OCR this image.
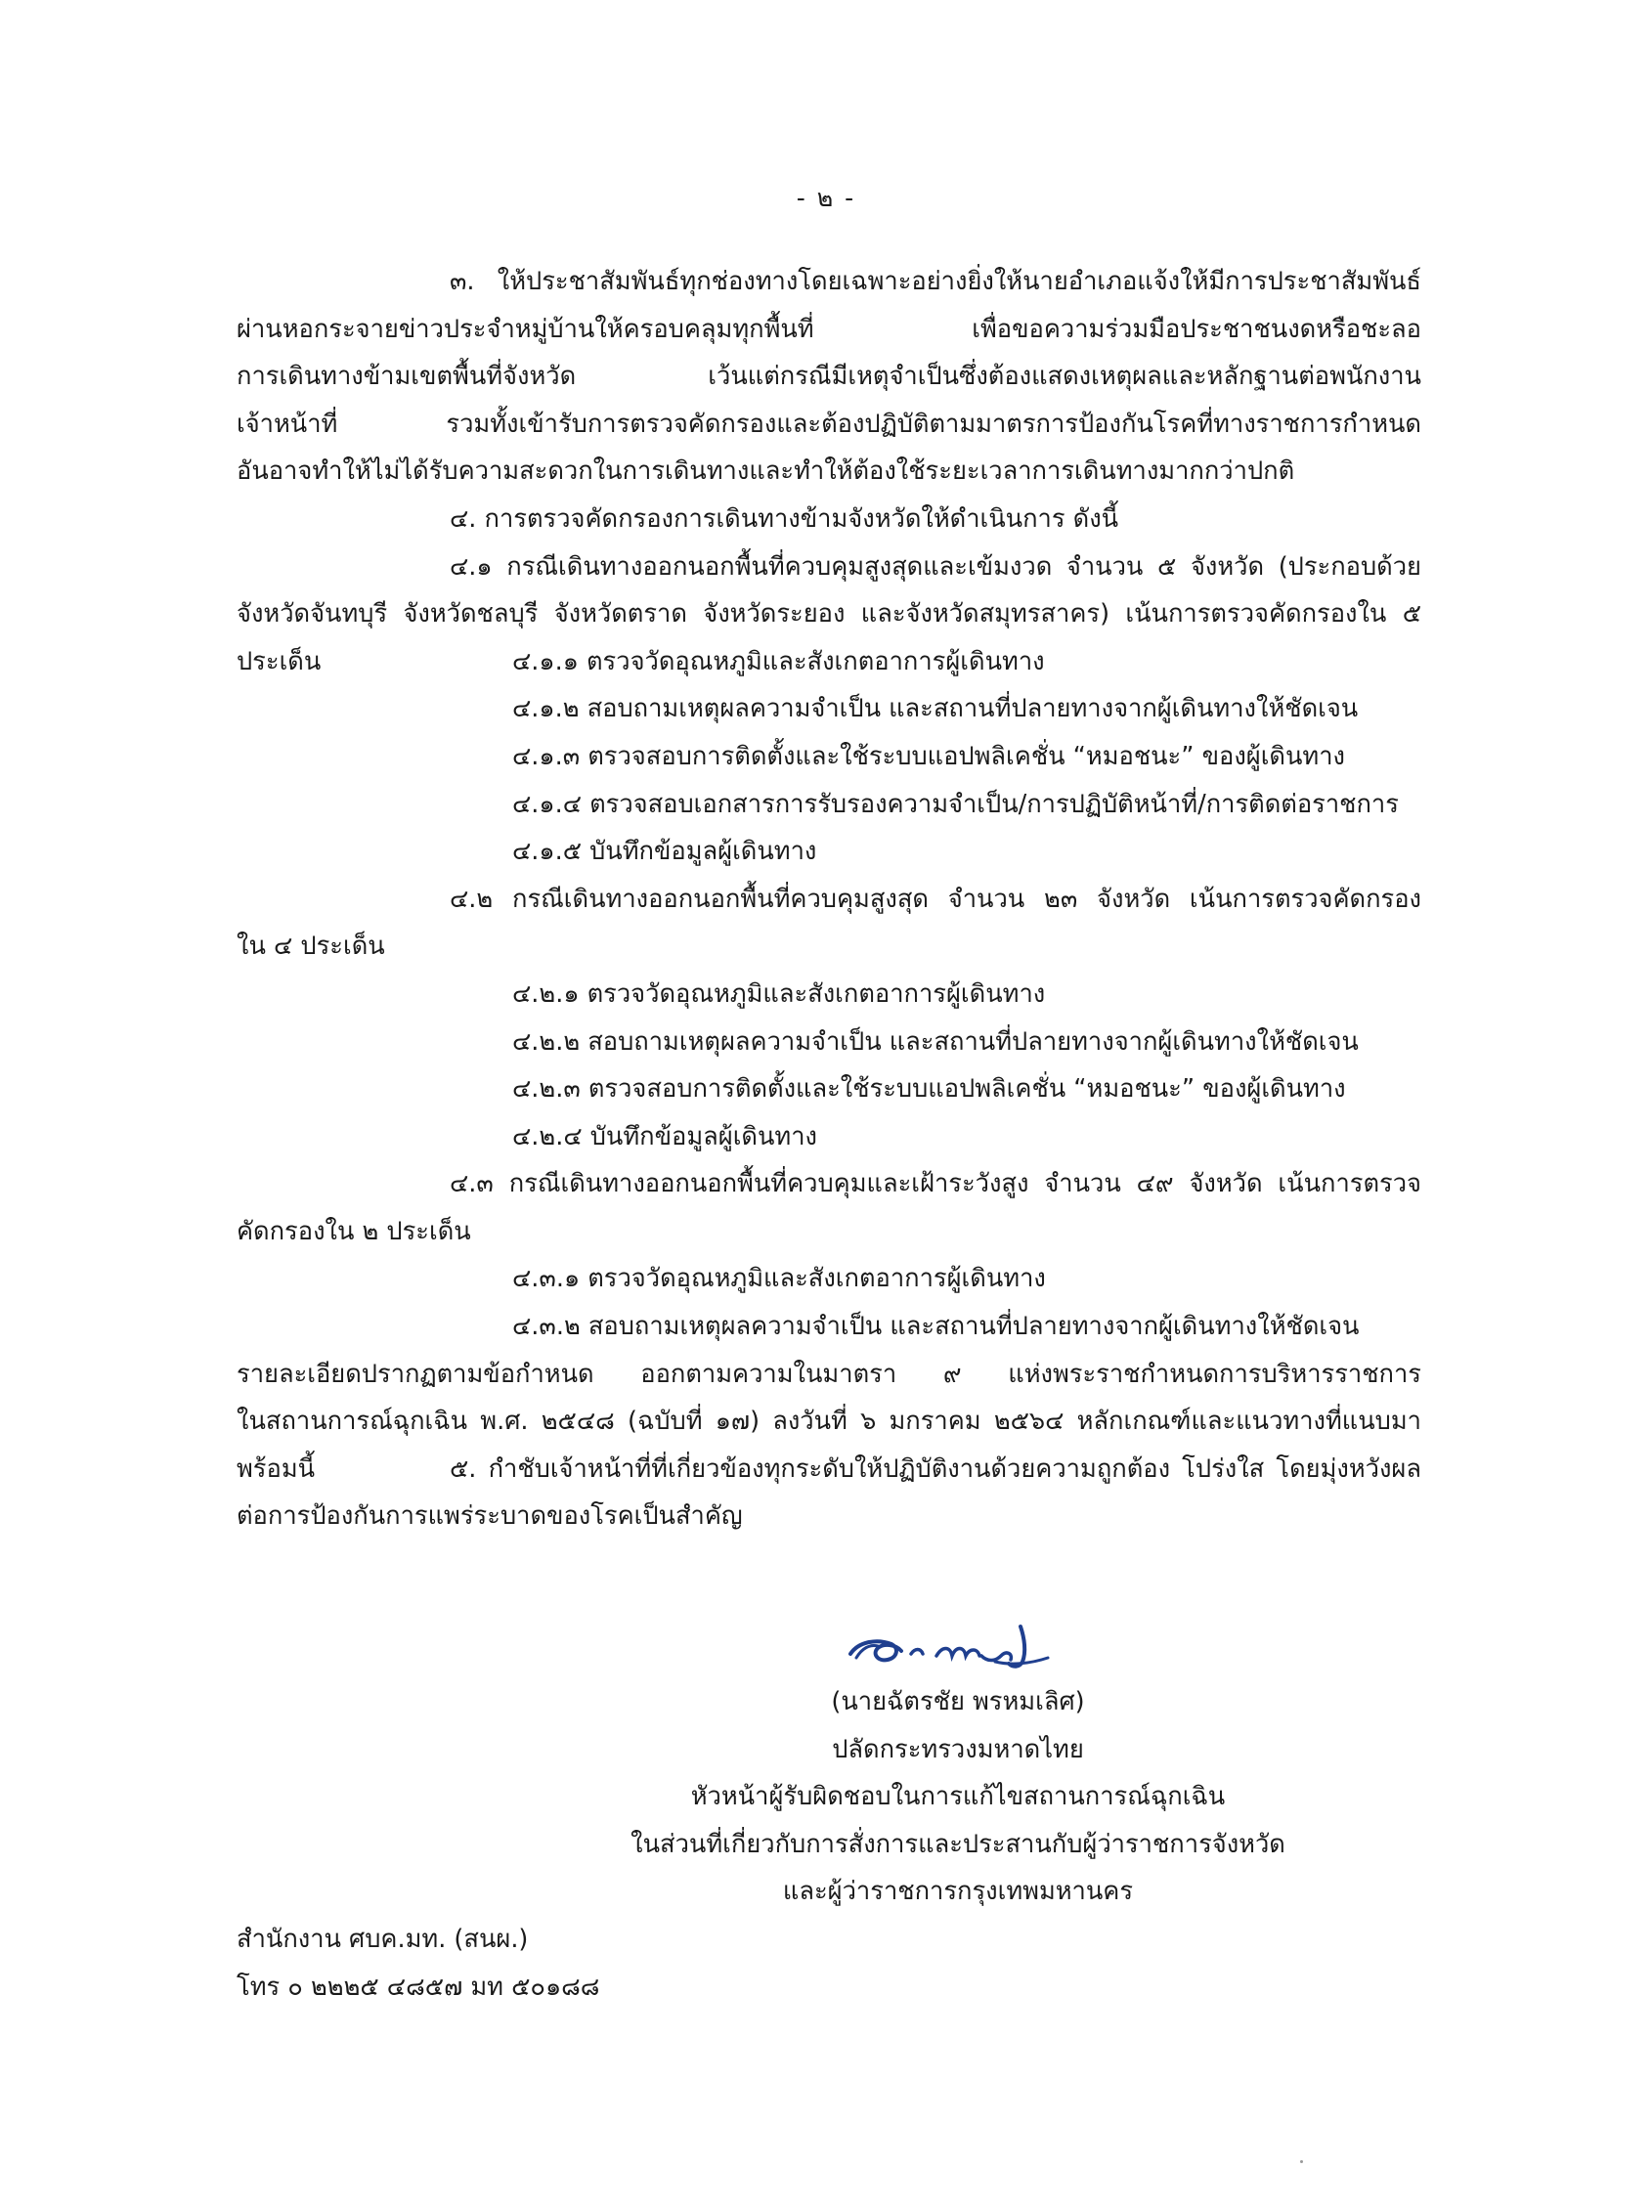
- ๒ -
๓. ให้ประชาสัมพันธ์ทุกช่องทางโดยเฉพาะอย่างยิ่งให้นายอำเภอแจ้งให้มีการประชาสัมพันธ์
ผ่านหอกระจายข่าวประจำหมู่บ้านให้ครอบคลุมทุกพื้นที่ เพื่อขอความร่วมมือประชาชนงดหรือชะลอ
การเดินทางข้ามเขตพื้นที่จังหวัด เว้นแต่กรณีมีเหตุจำเป็นซึ่งต้องแสดงเหตุผลและหลักฐานต่อพนักงาน
เจ้าหน้าที่ รวมทั้งเข้ารับการตรวจคัดกรองและต้องปฏิบัติตามมาตรการป้องกันโรคที่ทางราชการกำหนด
อันอาจทำให้ไม่ได้รับความสะดวกในการเดินทางและทำให้ต้องใช้ระยะเวลาการเดินทางมากกว่าปกติ
๔. การตรวจคัดกรองการเดินทางข้ามจังหวัดให้ดำเนินการ ดังนี้
๔.๑ กรณีเดินทางออกนอกพื้นที่ควบคุมสูงสุดและเข้มงวด จำนวน ๕ จังหวัด (ประกอบด้วย
จังหวัดจันทบุรี จังหวัดชลบุรี จังหวัดตราด จังหวัดระยอง และจังหวัดสมุทรสาคร) เน้นการตรวจคัดกรองใน ๕ ประเด็น	๔.๑.๑ ตรวจวัดอุณหภูมิและสังเกตอาการผู้เดินทาง
๔.๑.๒ สอบถามเหตุผลความจำเป็น และสถานที่ปลายทางจากผู้เดินทางให้ชัดเจน
๔.๑.๓ ตรวจสอบการติดตั้งและใช้ระบบแอปพลิเคชั่น “หมอชนะ” ของผู้เดินทาง
๔.๑.๔ ตรวจสอบเอกสารการรับรองความจำเป็น/การปฏิบัติหน้าที่/การติดต่อราชการ
๔.๑.๕ บันทึกข้อมูลผู้เดินทาง
๔.๒ กรณีเดินทางออกนอกพื้นที่ควบคุมสูงสุด จำนวน ๒๓ จังหวัด เน้นการตรวจคัดกรอง
ใน ๔ ประเด็น
๔.๒.๑ ตรวจวัดอุณหภูมิและสังเกตอาการผู้เดินทาง
๔.๒.๒ สอบถามเหตุผลความจำเป็น และสถานที่ปลายทางจากผู้เดินทางให้ชัดเจน
๔.๒.๓ ตรวจสอบการติดตั้งและใช้ระบบแอปพลิเคชั่น “หมอชนะ” ของผู้เดินทาง
๔.๒.๔ บันทึกข้อมูลผู้เดินทาง
๔.๓ กรณีเดินทางออกนอกพื้นที่ควบคุมและเฝ้าระวังสูง จำนวน ๔๙ จังหวัด เน้นการตรวจ
คัดกรองใน ๒ ประเด็น
๔.๓.๑ ตรวจวัดอุณหภูมิและสังเกตอาการผู้เดินทาง
๔.๓.๒ สอบถามเหตุผลความจำเป็น และสถานที่ปลายทางจากผู้เดินทางให้ชัดเจน
รายละเอียดปรากฏตามข้อกำหนด ออกตามความในมาตรา ๙ แห่งพระราชกำหนดการบริหารราชการ
ในสถานการณ์ฉุกเฉิน พ.ศ. ๒๕๔๘ (ฉบับที่ ๑๗) ลงวันที่ ๖ มกราคม ๒๕๖๔ หลักเกณฑ์และแนวทางที่แนบมาพร้อมนี้	๕. กำชับเจ้าหน้าที่ที่เกี่ยวข้องทุกระดับให้ปฏิบัติงานด้วยความถูกต้อง โปร่งใส โดยมุ่งหวังผล
ต่อการป้องกันการแพร่ระบาดของโรคเป็นสำคัญ
(นายฉัตรชัย พรหมเลิศ)
ปลัดกระทรวงมหาดไทย
หัวหน้าผู้รับผิดชอบในการแก้ไขสถานการณ์ฉุกเฉิน
ในส่วนที่เกี่ยวกับการสั่งการและประสานกับผู้ว่าราชการจังหวัด
และผู้ว่าราชการกรุงเทพมหานคร
สำนักงาน ศบค.มท. (สนผ.)
โทร ๐ ๒๒๒๕ ๔๘๕๗ มท ๕๐๑๘๘
